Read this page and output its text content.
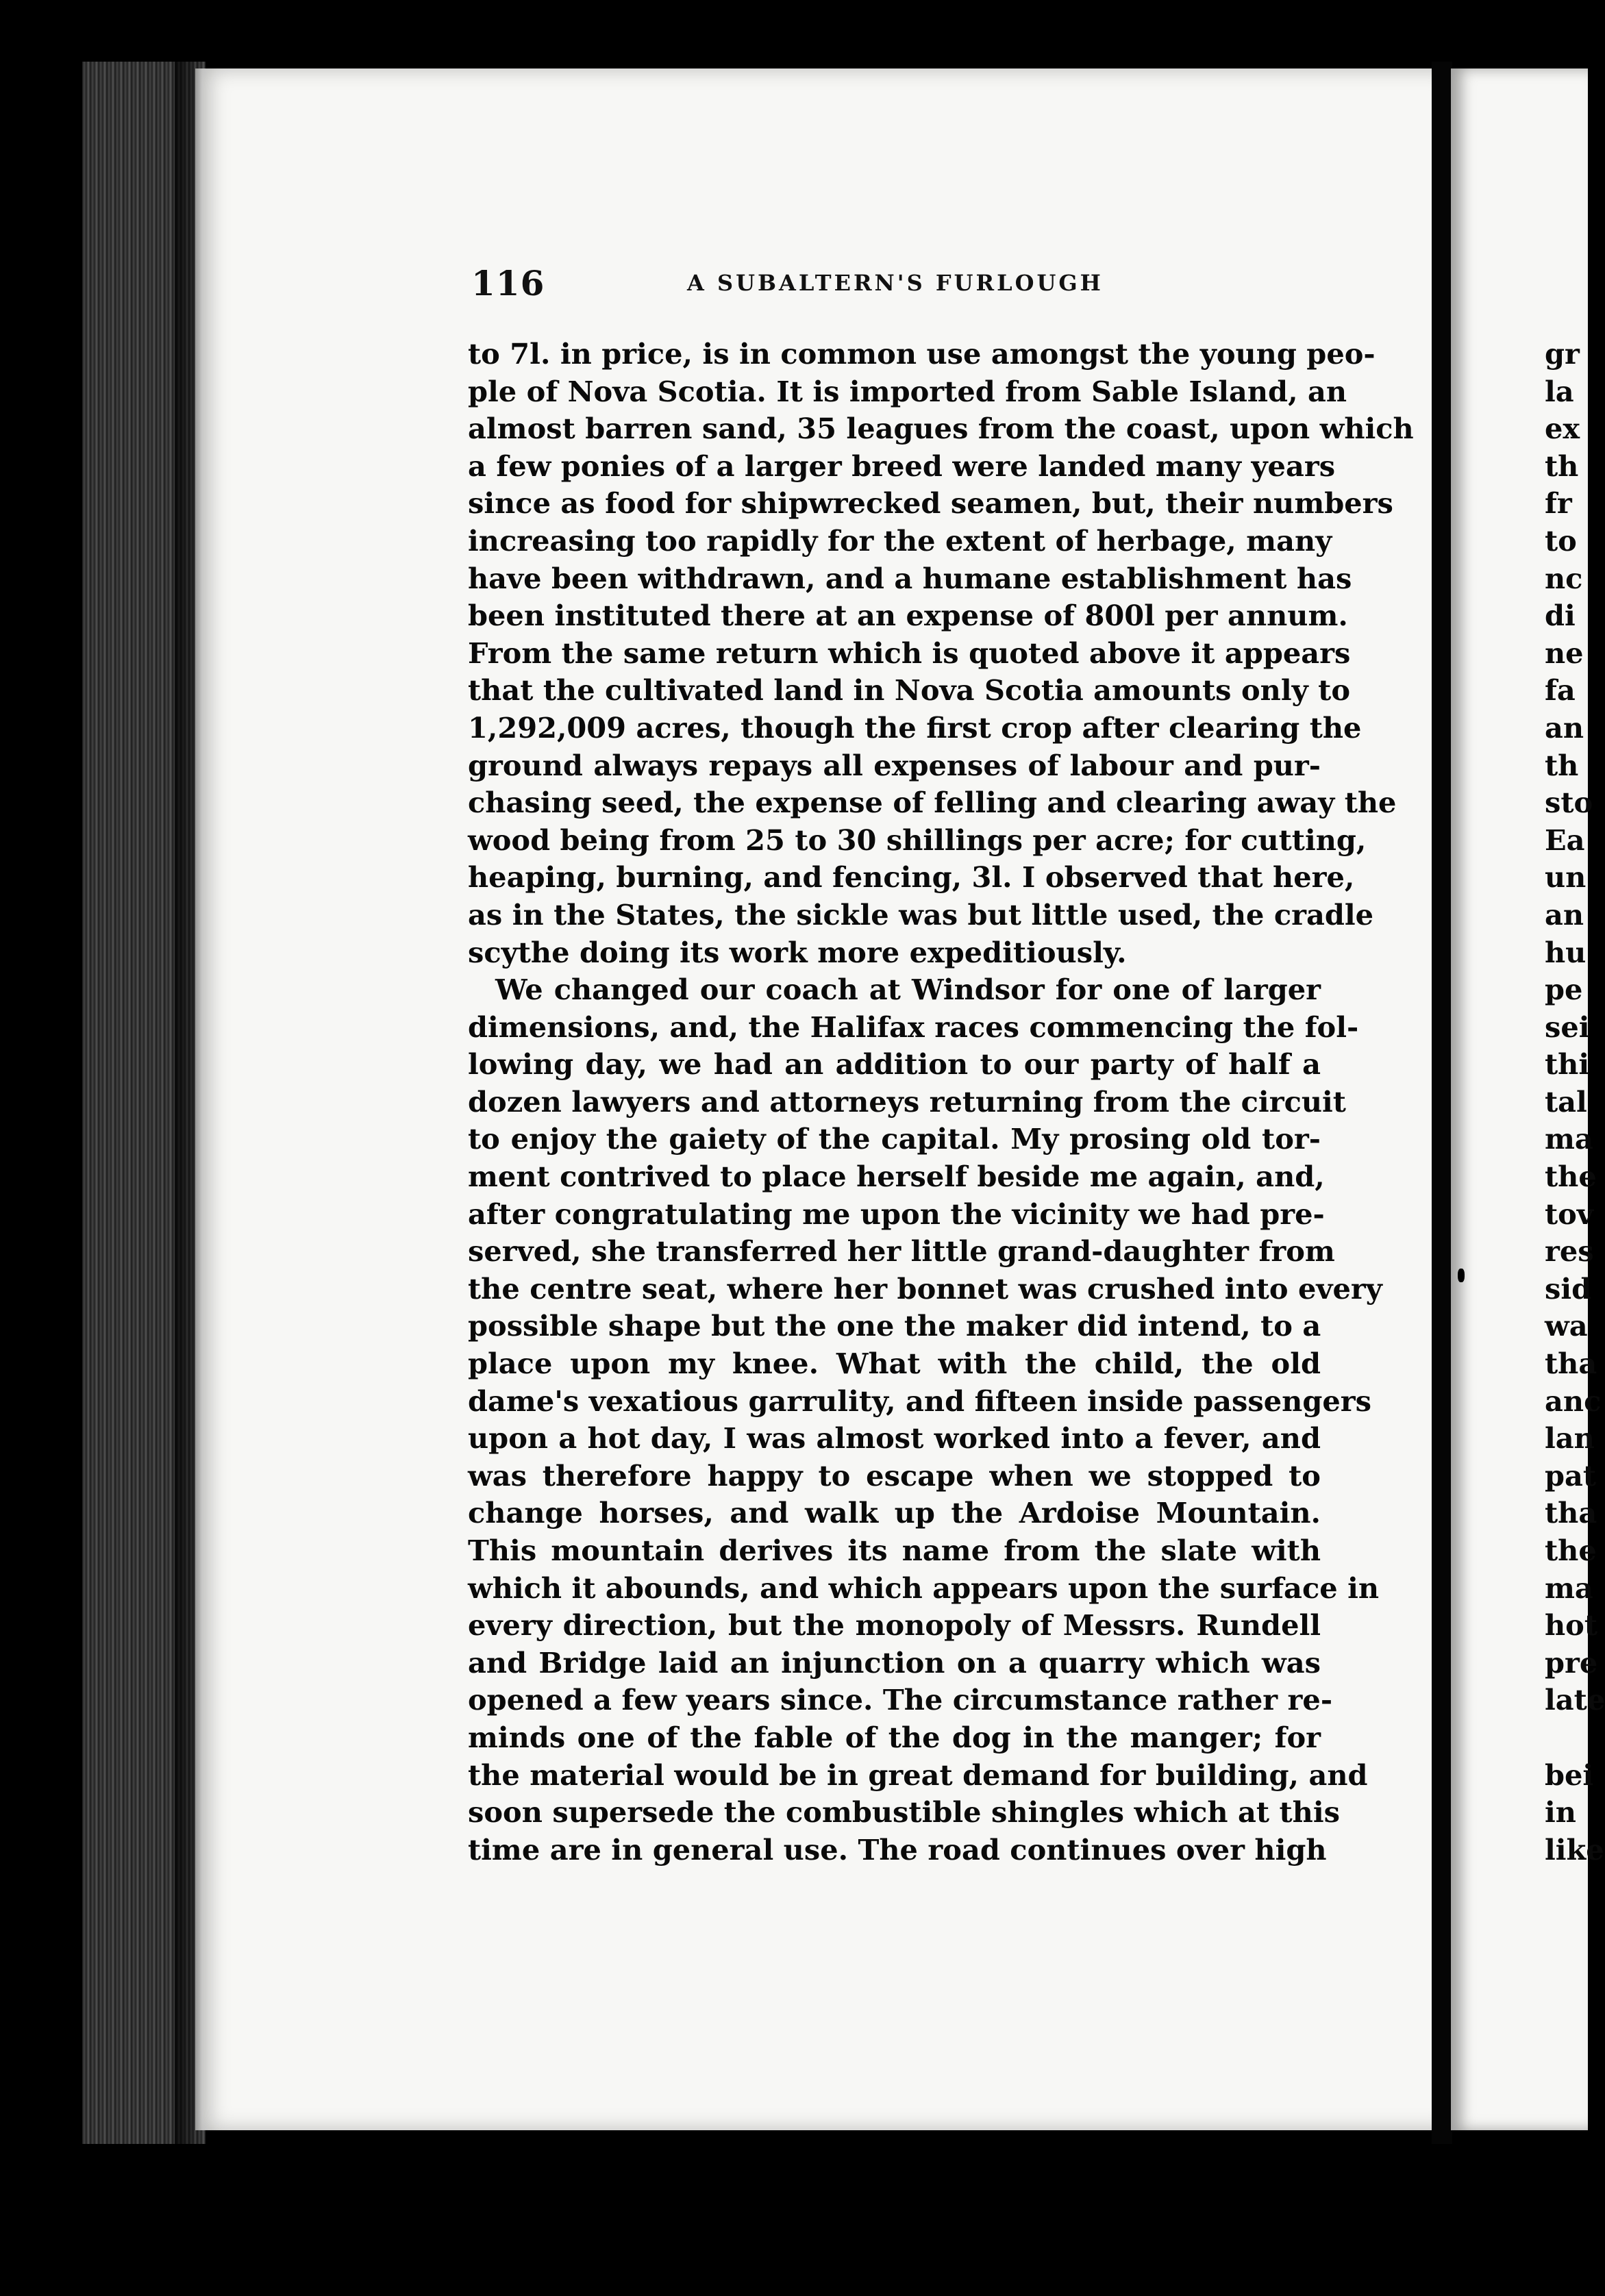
116	A SUBALTERN'S FURLOUGH
to 7l. in price, is in common use amongst the young peo-
ple of Nova Scotia. It is imported from Sable Island, an
almost barren sand, 35 leagues from the coast, upon which
a few ponies of a larger breed were landed many years
since as food for shipwrecked seamen, but, their numbers
increasing too rapidly for the extent of herbage, many
have been withdrawn, and a humane establishment has
been instituted there at an expense of 800l per annum.
From the same return which is quoted above it appears
that the cultivated land in Nova Scotia amounts only to
1,292,009 acres, though the first crop after clearing the
ground always repays all expenses of labour and pur-
chasing seed, the expense of felling and clearing away the
wood being from 25 to 30 shillings per acre; for cutting,
heaping, burning, and fencing, 3l. I observed that here,
as in the States, the sickle was but little used, the cradle
scythe doing its work more expeditiously.
We changed our coach at Windsor for one of larger
dimensions, and, the Halifax races commencing the fol-
lowing day, we had an addition to our party of half a
dozen lawyers and attorneys returning from the circuit
to enjoy the gaiety of the capital. My prosing old tor-
ment contrived to place herself beside me again, and,
after congratulating me upon the vicinity we had pre-
served, she transferred her little grand-daughter from
the centre seat, where her bonnet was crushed into every
possible shape but the one the maker did intend, to a
place upon my knee. What with the child, the old
dame's vexatious garrulity, and fifteen inside passengers
upon a hot day, I was almost worked into a fever, and
was therefore happy to escape when we stopped to
change horses, and walk up the Ardoise Mountain.
This mountain derives its name from the slate with
which it abounds, and which appears upon the surface in
every direction, but the monopoly of Messrs. Rundell
and Bridge laid an injunction on a quarry which was
opened a few years since. The circumstance rather re-
minds one of the fable of the dog in the manger; for
the material would be in great demand for building, and
soon supersede the combustible shingles which at this
time are in general use. The road continues over high
gr
la
ex
th
fr
to
nc
di
ne
fa
an
th
sto
Ea
un
an
hu
pe
sei
thi
tal
ma
the
tov
res
sid
wa
tha
anc
lan
pat
tha
the
ma
hot
pre
late
bei
in
like
